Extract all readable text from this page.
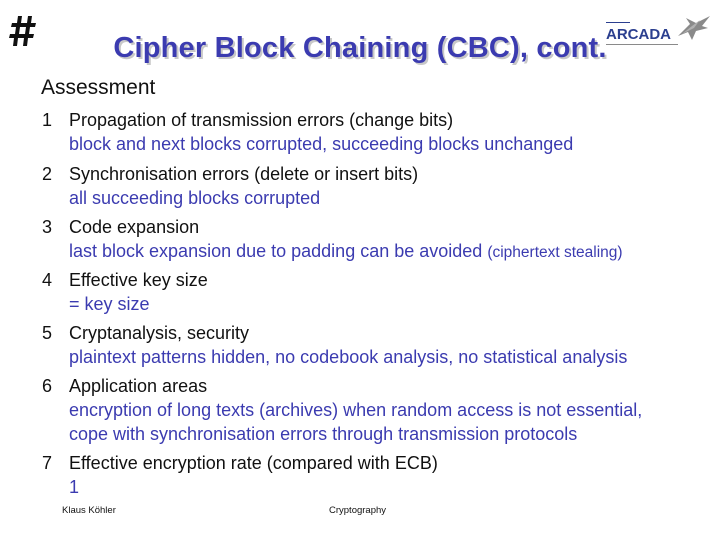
ARCADA
Cipher Block Chaining (CBC), cont.
Assessment
1 Propagation of transmission errors (change bits)
block and next blocks corrupted, succeeding blocks unchanged
2 Synchronisation errors (delete or insert bits)
all succeeding blocks corrupted
3 Code expansion
last block expansion due to padding can be avoided (ciphertext stealing)
4 Effective key size
= key size
5 Cryptanalysis, security
plaintext patterns hidden, no codebook analysis, no statistical analysis
6 Application areas
encryption of long texts (archives) when random access is not essential,
cope with synchronisation errors through transmission protocols
7 Effective encryption rate (compared with ECB)
1
Klaus Köhler	Cryptography
